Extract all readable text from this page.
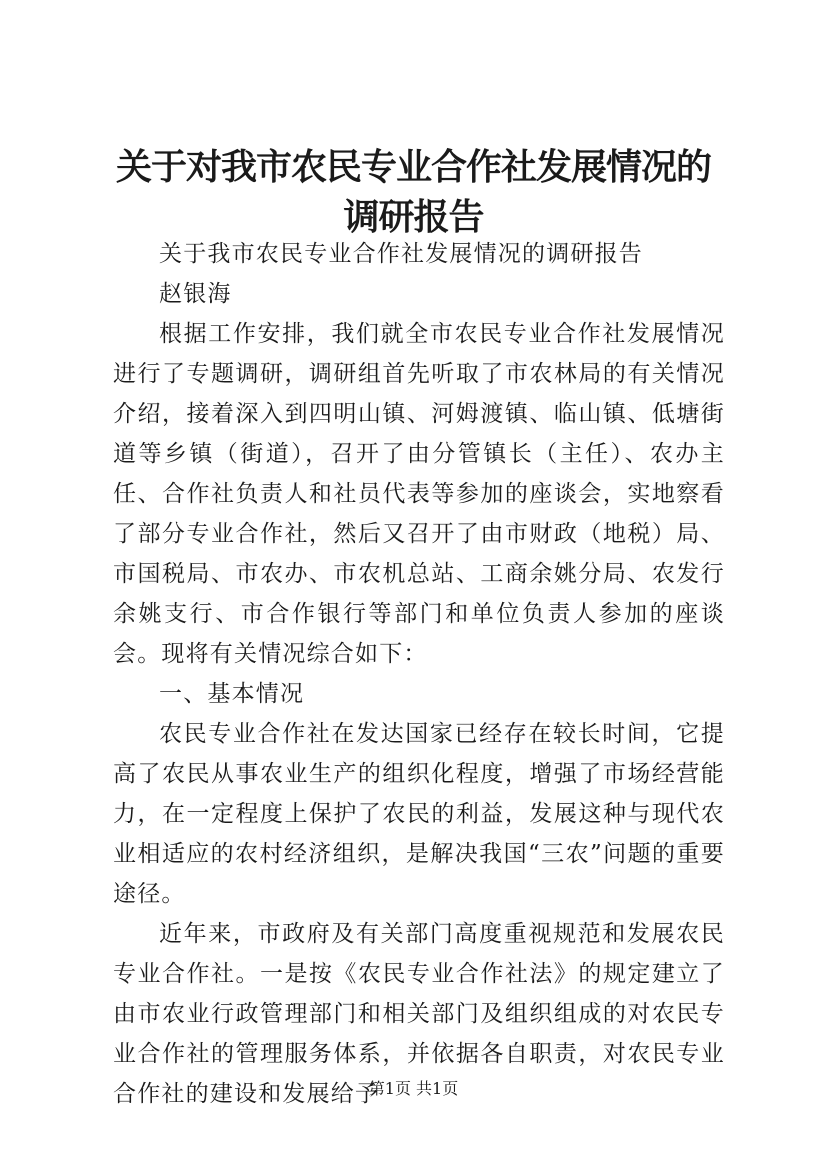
关于对我市农民专业合作社发展情况的调研报告

关于我市农民专业合作社发展情况的调研报告

赵银海

根据工作安排，我们就全市农民专业合作社发展情况进行了专题调研，调研组首先听取了市农林局的有关情况介绍，接着深入到四明山镇、河姆渡镇、临山镇、低塘街道等乡镇（街道），召开了由分管镇长（主任）、农办主任、合作社负责人和社员代表等参加的座谈会，实地察看了部分专业合作社，然后又召开了由市财政（地税）局、市国税局、市农办、市农机总站、工商余姚分局、农发行余姚支行、市合作银行等部门和单位负责人参加的座谈会。现将有关情况综合如下：

一、基本情况

农民专业合作社在发达国家已经存在较长时间，它提高了农民从事农业生产的组织化程度，增强了市场经营能力，在一定程度上保护了农民的利益，发展这种与现代农业相适应的农村经济组织，是解决我国“三农”问题的重要途径。

近年来，市政府及有关部门高度重视规范和发展农民专业合作社。一是按《农民专业合作社法》的规定建立了由市农业行政管理部门和相关部门及组织组成的对农民专业合作社的管理服务体系，并依据各自职责，对农民专业合作社的建设和发展给予

第1页 共1页
